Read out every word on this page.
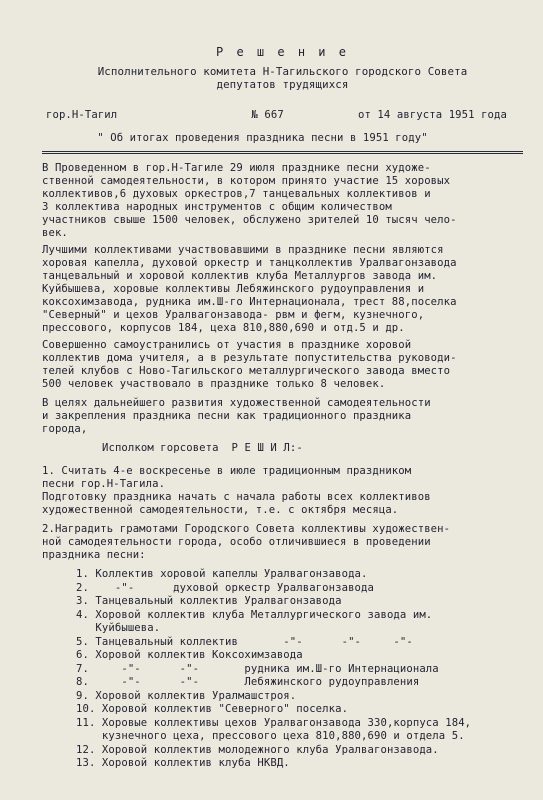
Р е ш е н и е
Исполнительного комитета Н-Тагильского городского Совета
депутатов трудящихся
гор.Н-Тагил	№ 667	от 14 августа 1951 года
" Об итогах проведения праздника песни в 1951 году"
В Проведенном в гор.Н-Тагиле 29 июля празднике песни художе-
ственной самодеятельности, в котором принято участие 15 хоровых
коллективов,6 духовых оркестров,7 танцевальных коллективов и
3 коллектива народных инструментов с общим количеством
участников свыше 1500 человек, обслужено зрителей 10 тысяч чело-
век.
Лучшими коллективами участвовавшими в празднике песни являются
хоровая капелла, духовой оркестр и танцколлектив Уралвагонзавода
танцевальный и хоровой коллектив клуба Металлургов завода им.
Куйбышева, хоровые коллективы Лебяжинского рудоуправления и
коксохимзавода, рудника им.Ш-го Интернационала, трест 88,поселка
"Северный" и цехов Уралвагонзавода- рвм и фегм, кузнечного,
прессового, корпусов 184, цеха 810,880,690 и отд.5 и др.
Совершенно самоустранились от участия в празднике хоровой
коллектив дома учителя, а в результате попустительства руководи-
телей клубов с Ново-Тагильского металлургического завода вместо
500 человек участвовало в празднике только 8 человек.
В целях дальнейшего развития художественной самодеятельности
и закрепления праздника песни как традиционного праздника
города,
Исполком горсовета  Р Е Ш И Л:-
1. Считать 4-е воскресенье в июле традиционным праздником
песни гор.Н-Тагила.
Подготовку праздника начать с начала работы всех коллективов
художественной самодеятельности, т.е. с октября месяца.
2.Наградить грамотами Городского Совета коллективы художествен-
ной самодеятельности города, особо отличившиеся в проведении
праздника песни:
1. Коллектив хоровой капеллы Уралвагонзавода.
2.    -"-      духовой оркестр Уралвагонзавода
3. Танцевальный коллектив Уралвагонзавода
4. Хоровой коллектив клуба Металлургического завода им.
Куйбышева.
5. Танцевальный коллектив       -"-      -"-     -"-
6. Хоровой коллектив Коксохимзавода
7.     -"-      -"-       рудника им.Ш-го Интернационала
8.     -"-      -"-       Лебяжинского рудоуправления
9. Хоровой коллектив Уралмашстроя.
10. Хоровой коллектив "Северного" поселка.
11. Хоровые коллективы цехов Уралвагонзавода 330,корпуса 184,
кузнечного цеха, прессового цеха 810,880,690 и отдела 5.
12. Хоровой коллектив молодежного клуба Уралвагонзавода.
13. Хоровой коллектив клуба НКВД.
